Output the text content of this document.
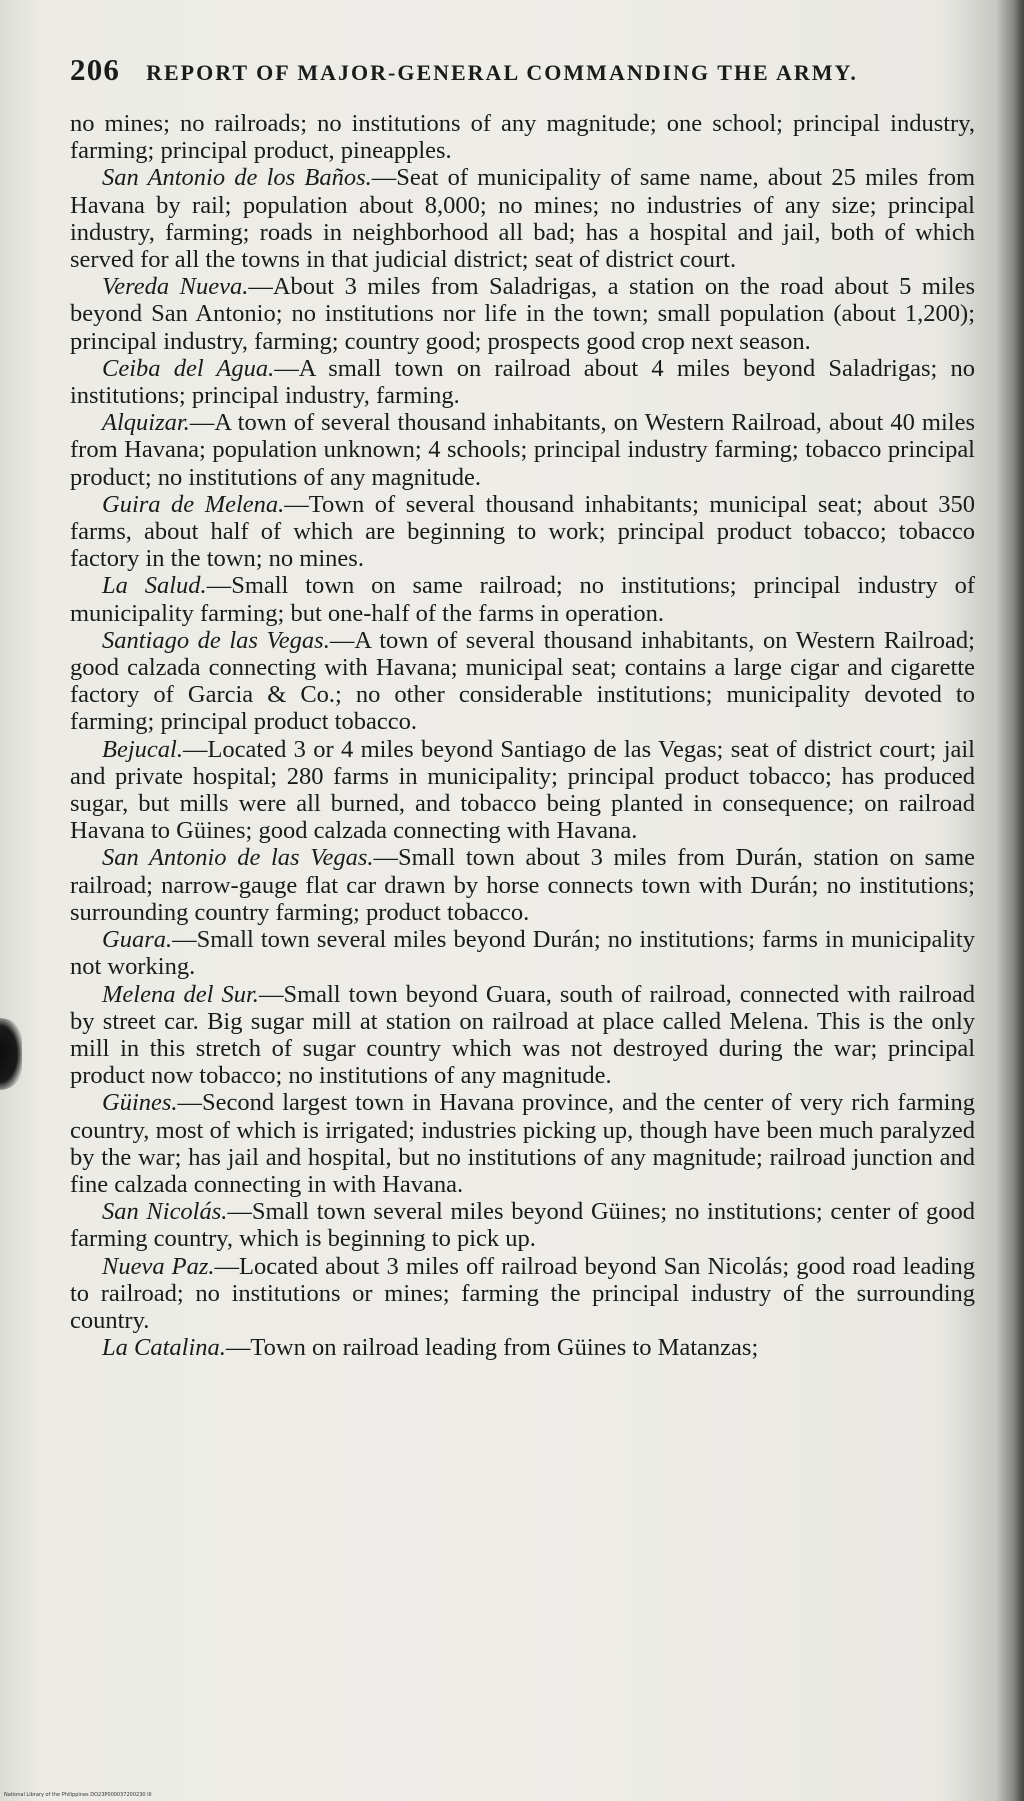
206 REPORT OF MAJOR-GENERAL COMMANDING THE ARMY.

no mines; no railroads; no institutions of any magnitude; one school; principal industry, farming; principal product, pineapples.

San Antonio de los Baños.—Seat of municipality of same name, about 25 miles from Havana by rail; population about 8,000; no mines; no industries of any size; principal industry, farming; roads in neighborhood all bad; has a hospital and jail, both of which served for all the towns in that judicial district; seat of district court.

Vereda Nueva.—About 3 miles from Saladrigas, a station on the road about 5 miles beyond San Antonio; no institutions nor life in the town; small population (about 1,200); principal industry, farming; country good; prospects good crop next season.

Ceiba del Agua.—A small town on railroad about 4 miles beyond Saladrigas; no institutions; principal industry, farming.

Alquizar.—A town of several thousand inhabitants, on Western Railroad, about 40 miles from Havana; population unknown; 4 schools; principal industry farming; tobacco principal product; no institutions of any magnitude.

Guira de Melena.—Town of several thousand inhabitants; municipal seat; about 350 farms, about half of which are beginning to work; principal product tobacco; tobacco factory in the town; no mines.

La Salud.—Small town on same railroad; no institutions; principal industry of municipality farming; but one-half of the farms in operation.

Santiago de las Vegas.—A town of several thousand inhabitants, on Western Railroad; good calzada connecting with Havana; municipal seat; contains a large cigar and cigarette factory of Garcia & Co.; no other considerable institutions; municipality devoted to farming; principal product tobacco.

Bejucal.—Located 3 or 4 miles beyond Santiago de las Vegas; seat of district court; jail and private hospital; 280 farms in municipality; principal product tobacco; has produced sugar, but mills were all burned, and tobacco being planted in consequence; on railroad Havana to Güines; good calzada connecting with Havana.

San Antonio de las Vegas.—Small town about 3 miles from Durán, station on same railroad; narrow-gauge flat car drawn by horse connects town with Durán; no institutions; surrounding country farming; product tobacco.

Guara.—Small town several miles beyond Durán; no institutions; farms in municipality not working.

Melena del Sur.—Small town beyond Guara, south of railroad, connected with railroad by street car. Big sugar mill at station on railroad at place called Melena. This is the only mill in this stretch of sugar country which was not destroyed during the war; principal product now tobacco; no institutions of any magnitude.

Güines.—Second largest town in Havana province, and the center of very rich farming country, most of which is irrigated; industries picking up, though have been much paralyzed by the war; has jail and hospital, but no institutions of any magnitude; railroad junction and fine calzada connecting in with Havana.

San Nicolás.—Small town several miles beyond Güines; no institutions; center of good farming country, which is beginning to pick up.

Nueva Paz.—Located about 3 miles off railroad beyond San Nicolás; good road leading to railroad; no institutions or mines; farming the principal industry of the surrounding country.

La Catalina.—Town on railroad leading from Güines to Matanzas;

National Library of the Philippines DO23P000037200230 III
